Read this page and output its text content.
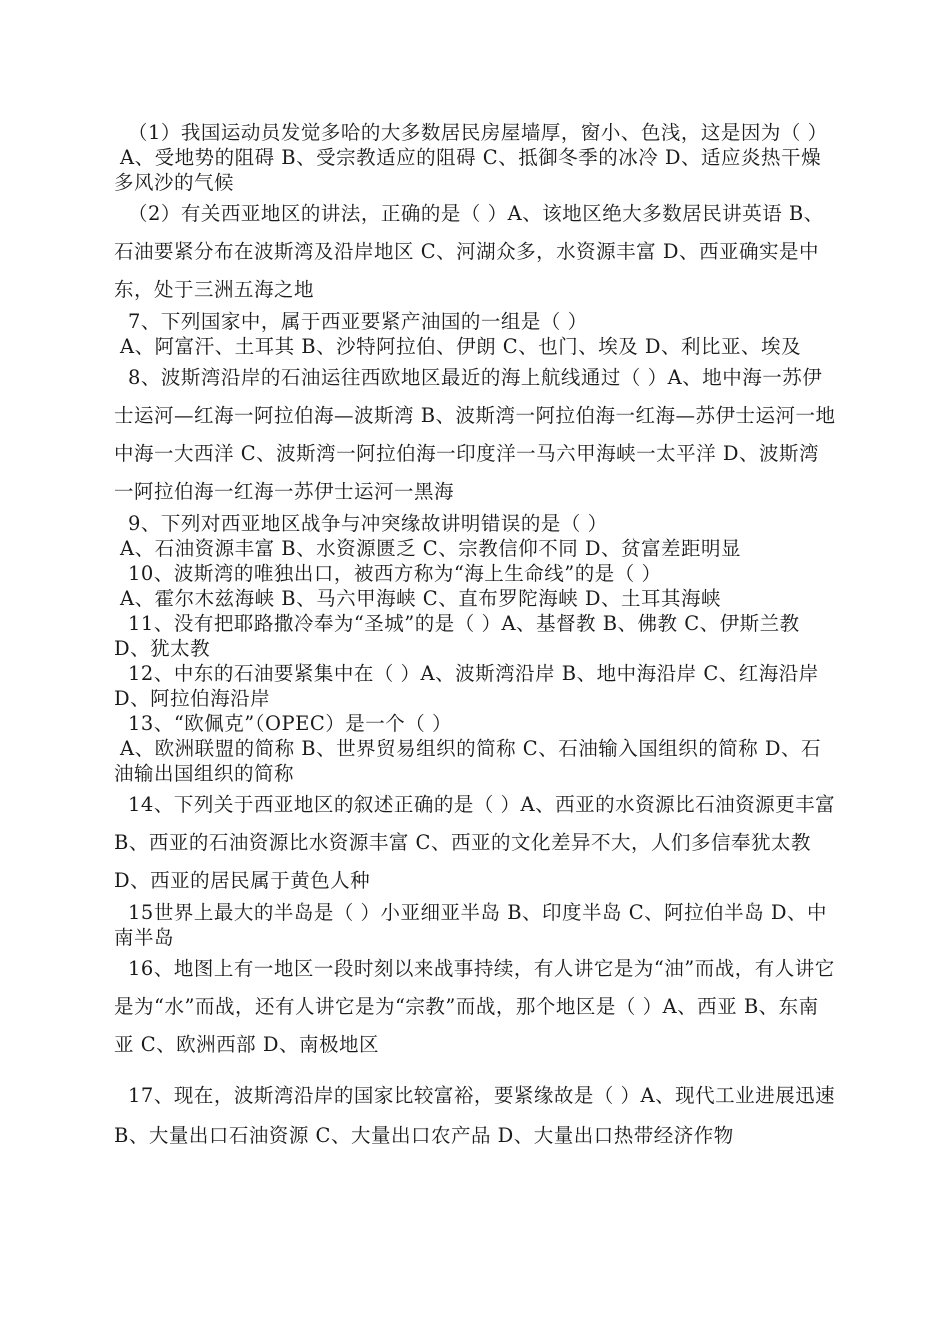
（1）我国运动员发觉多哈的大多数居民房屋墙厚，窗小、色浅，这是因为（ ）

A、受地势的阻碍 B、受宗教适应的阻碍 C、抵御冬季的冰冷 D、适应炎热干燥多风沙的气候

（2）有关西亚地区的讲法，正确的是（ ）A、该地区绝大多数居民讲英语 B、石油要紧分布在波斯湾及沿岸地区 C、河湖众多，水资源丰富 D、西亚确实是中东，处于三洲五海之地

7、下列国家中，属于西亚要紧产油国的一组是（ ）

A、阿富汗、土耳其 B、沙特阿拉伯、伊朗 C、也门、埃及 D、利比亚、埃及

8、波斯湾沿岸的石油运往西欧地区最近的海上航线通过（ ）A、地中海一苏伊士运河—红海一阿拉伯海—波斯湾 B、波斯湾一阿拉伯海一红海—苏伊士运河一地中海一大西洋 C、波斯湾一阿拉伯海一印度洋一马六甲海峡一太平洋 D、波斯湾一阿拉伯海一红海一苏伊士运河一黑海

9、下列对西亚地区战争与冲突缘故讲明错误的是（ ）

A、石油资源丰富 B、水资源匮乏 C、宗教信仰不同 D、贫富差距明显

10、波斯湾的唯独出口，被西方称为“海上生命线”的是（ ）

A、霍尔木兹海峡 B、马六甲海峡 C、直布罗陀海峡 D、土耳其海峡

11、没有把耶路撒冷奉为“圣城”的是（ ）A、基督教 B、佛教 C、伊斯兰教 D、犹太教

12、中东的石油要紧集中在（ ）A、波斯湾沿岸 B、地中海沿岸 C、红海沿岸 D、阿拉伯海沿岸

13、“欧佩克”（OPEC）是一个（ ）

A、欧洲联盟的简称 B、世界贸易组织的简称 C、石油输入国组织的简称 D、石油输出国组织的简称

14、下列关于西亚地区的叙述正确的是（ ）A、西亚的水资源比石油资源更丰富 B、西亚的石油资源比水资源丰富 C、西亚的文化差异不大，人们多信奉犹太教 D、西亚的居民属于黄色人种

15世界上最大的半岛是（ ）小亚细亚半岛 B、印度半岛 C、阿拉伯半岛 D、中南半岛

16、地图上有一地区一段时刻以来战事持续，有人讲它是为“油”而战，有人讲它是为“水”而战，还有人讲它是为“宗教”而战，那个地区是（ ）A、西亚 B、东南亚 C、欧洲西部 D、南极地区

17、现在，波斯湾沿岸的国家比较富裕，要紧缘故是（ ）A、现代工业进展迅速 B、大量出口石油资源 C、大量出口农产品 D、大量出口热带经济作物
